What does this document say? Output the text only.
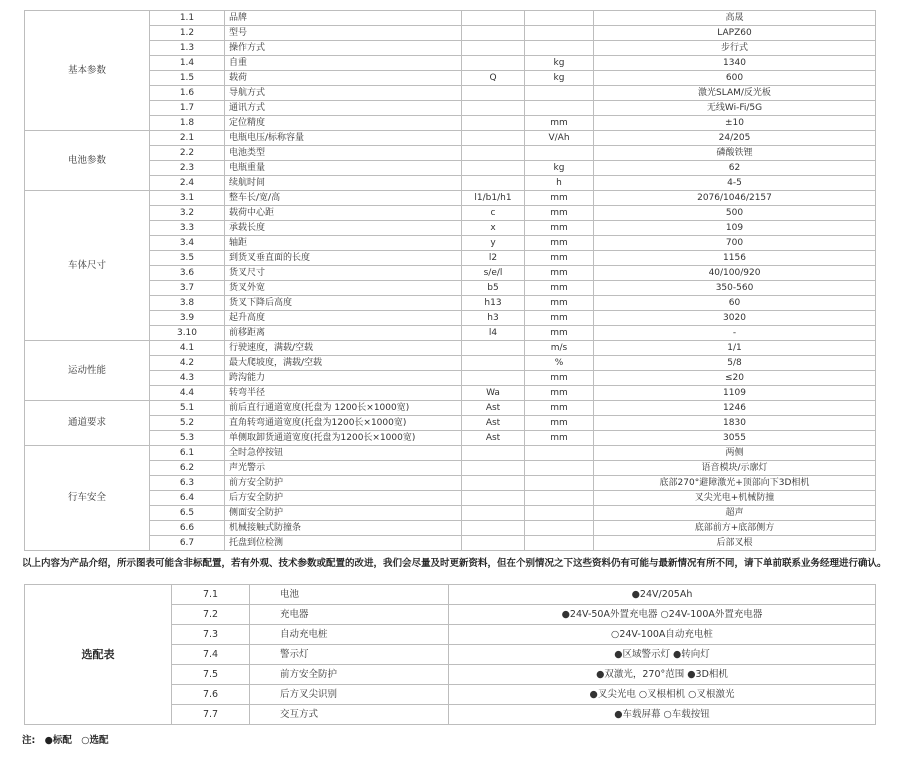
基本参数	1.1	品牌			高晟
	1.2	型号			LAPZ60
	1.3	操作方式			步行式
	1.4	自重		kg	1340
	1.5	载荷	Q	kg	600
	1.6	导航方式			激光SLAM/反光板
	1.7	通讯方式			无线Wi-Fi/5G
	1.8	定位精度		mm	±10
电池参数	2.1	电瓶电压/标称容量		V/Ah	24/205
	2.2	电池类型			磷酸铁锂
	2.3	电瓶重量		kg	62
	2.4	续航时间		h	4-5
车体尺寸	3.1	整车长/宽/高	l1/b1/h1	mm	2076/1046/2157
	3.2	载荷中心距	c	mm	500
	3.3	承载长度	x	mm	109
	3.4	轴距	y	mm	700
	3.5	到货叉垂直面的长度	l2	mm	1156
	3.6	货叉尺寸	s/e/l	mm	40/100/920
	3.7	货叉外宽	b5	mm	350-560
	3.8	货叉下降后高度	h13	mm	60
	3.9	起升高度	h3	mm	3020
	3.10	前移距离	l4	mm	-
运动性能	4.1	行驶速度，满载/空载		m/s	1/1
	4.2	最大爬坡度，满载/空载		%	5/8
	4.3	跨沟能力		mm	≤20
	4.4	转弯半径	Wa	mm	1109
通道要求	5.1	前后直行通道宽度(托盘为 1200长×1000宽)	Ast	mm	1246
	5.2	直角转弯通道宽度(托盘为1200长×1000宽)	Ast	mm	1830
	5.3	单侧取卸货通道宽度(托盘为1200长×1000宽)	Ast	mm	3055
行车安全	6.1	全时急停按钮			两侧
	6.2	声光警示			语音模块/示廓灯
	6.3	前方安全防护			底部270°避障激光+顶部向下3D相机
	6.4	后方安全防护			叉尖光电+机械防撞
	6.5	侧面安全防护			超声
	6.6	机械接触式防撞条			底部前方+底部侧方
	6.7	托盘到位检测			后部叉根
以上内容为产品介绍，所示图表可能含非标配置，若有外观、技术参数或配置的改进，我们会尽量及时更新资料，但在个别情况之下这些资料仍有可能与最新情况有所不同，请下单前联系业务经理进行确认。
选配表	7.1	电池	●24V/205Ah
	7.2	充电器	●24V-50A外置充电器 ○24V-100A外置充电器
	7.3	自动充电桩	○24V-100A自动充电桩
	7.4	警示灯	●区域警示灯 ●转向灯
	7.5	前方安全防护	●双激光，270°范围 ●3D相机
	7.6	后方叉尖识别	●叉尖光电 ○叉根相机 ○叉根激光
	7.7	交互方式	●车载屏幕 ○车载按钮
注: ●标配 ○选配
